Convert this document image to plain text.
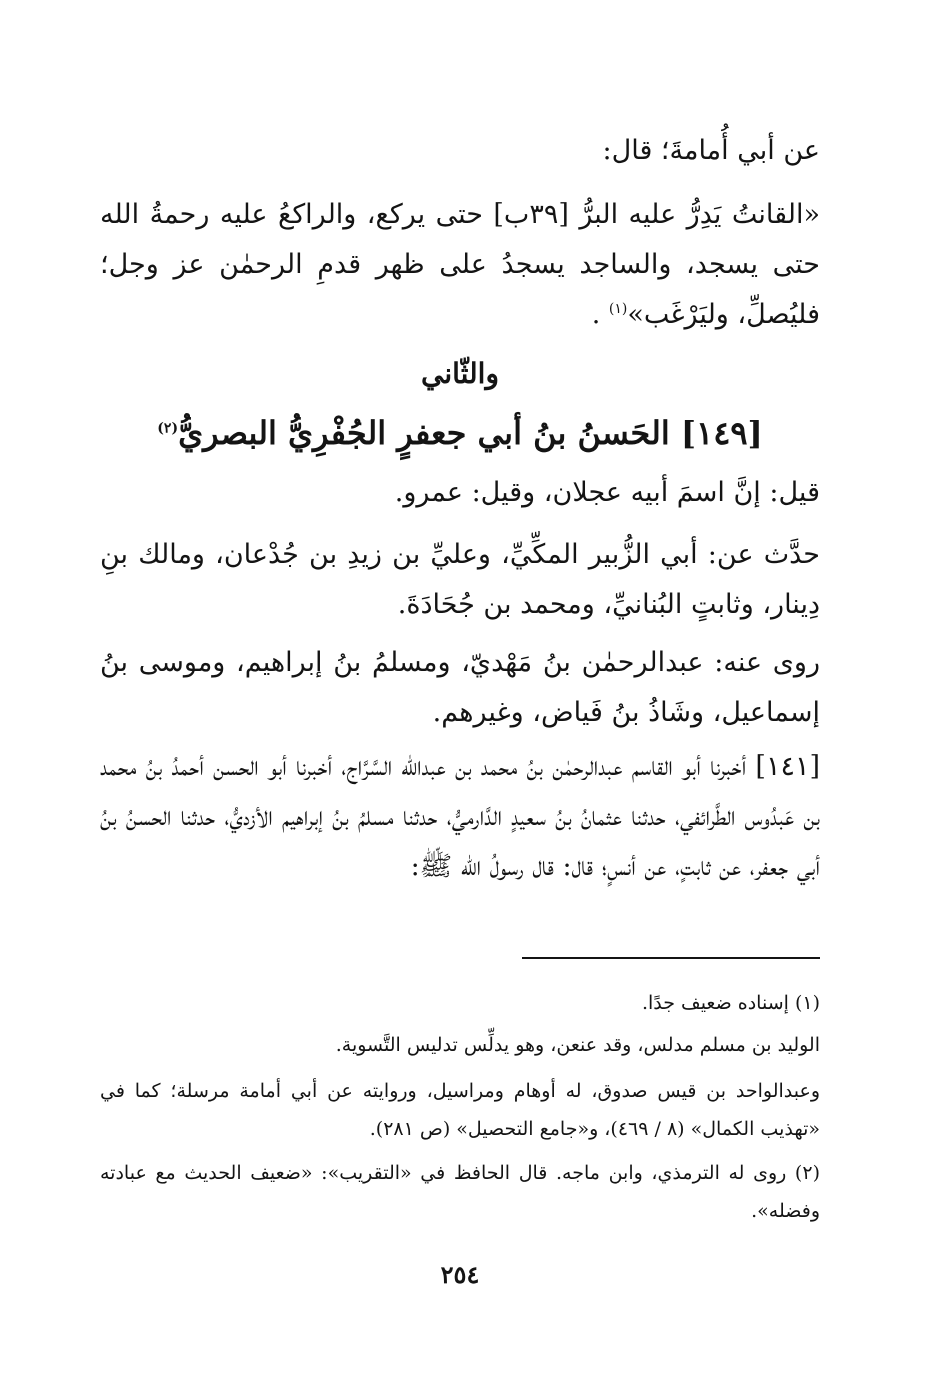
عن أبي أُمامةَ؛ قال:

«القانتُ يَدِرُّ عليه البرُّ [٣٩ب] حتى يركع، والراكعُ عليه رحمةُ الله حتى يسجد، والساجد يسجدُ على ظهر قدمِ الرحمٰن عز وجل؛ فليُصلِّ، وليَرْغَب»$^{(١)}$ .

والثّاني
[١٤٩] الحَسنُ بنُ أبي جعفرٍ الجُفْرِيُّ البصريُّ$^{(٢)}$

قيل: إنَّ اسمَ أبيه عجلان، وقيل: عمرو.

حدَّث عن: أبي الزُّبير المكِّيِّ، وعليِّ بن زيدِ بن جُدْعان، ومالك بنِ دِينار، وثابتٍ البُنانيِّ، ومحمد بن جُحَادَةَ.

روى عنه: عبدالرحمٰن بنُ مَهْديّ، ومسلمُ بنُ إبراهيم، وموسى بنُ إسماعيل، وشَاذُ بنُ فَياض، وغيرهم.

[١٤١] أخبرنا أبو القاسم عبدالرحمٰن بنُ محمد بن عبدالله السَّرَّاج، أخبرنا أبو الحسن أحمدُ بنُ محمد بن عَبدُوس الطَّرائفي، حدثنا عثمانُ بنُ سعيدٍ الدَّارميُّ، حدثنا مسلمُ بنُ إبراهيم الأزديُّ، حدثنا الحسنُ بنُ أبي جعفر، عن ثابتٍ، عن أنسٍ؛ قال: قال رسولُ الله ﷺ:

(١) إسناده ضعيف جدًا.

الوليد بن مسلم مدلس، وقد عنعن، وهو يدلِّس تدليس التَّسوية.

وعبدالواحد بن قيس صدوق، له أوهام ومراسيل، وروايته عن أبي أمامة مرسلة؛ كما في «تهذيب الكمال» (٨ / ٤٦٩)، و«جامع التحصيل» (ص ٢٨١).

(٢) روى له الترمذي، وابن ماجه. قال الحافظ في «التقريب»: «ضعيف الحديث مع عبادته وفضله».

٢٥٤
